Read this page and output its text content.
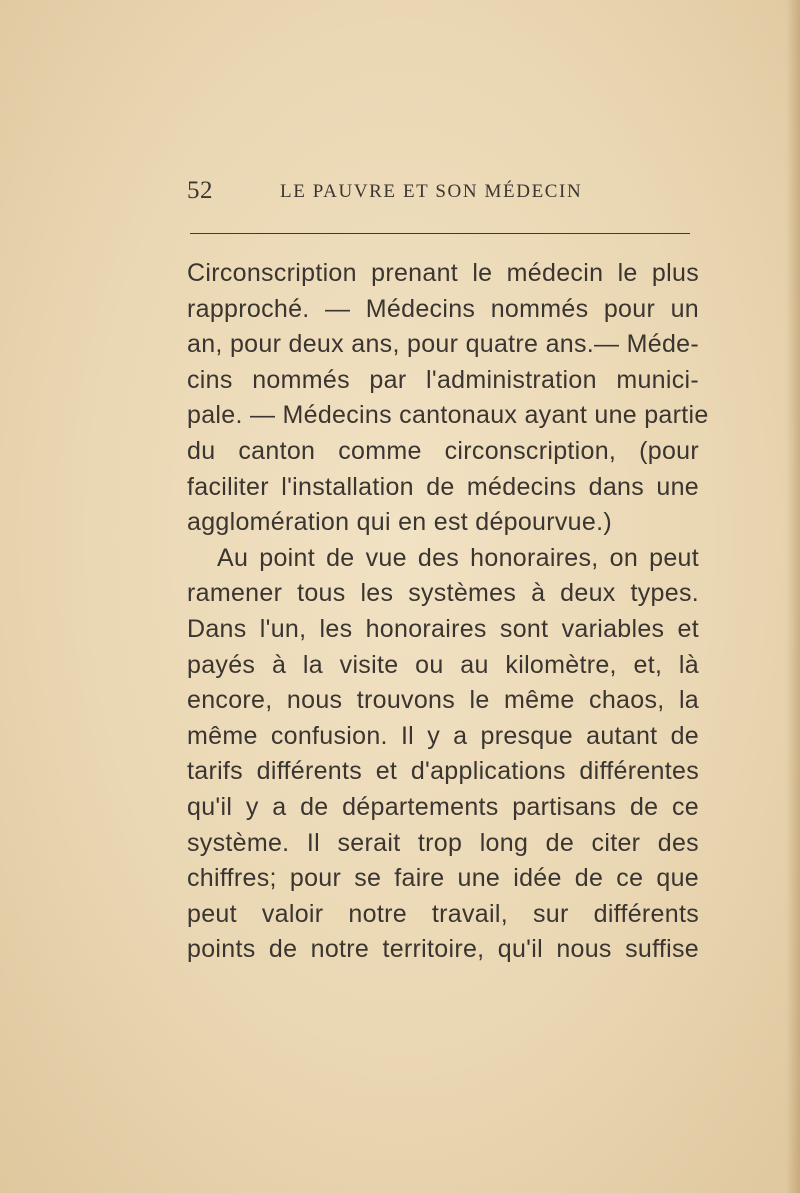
52	LE PAUVRE ET SON MÉDECIN
Circonscription prenant le médecin le plus
rapproché. — Médecins nommés pour un
an, pour deux ans, pour quatre ans.— Méde-
cins nommés par l'administration munici-
pale. — Médecins cantonaux ayant une partie
du canton comme circonscription, (pour
faciliter l'installation de médecins dans une
agglomération qui en est dépourvue.)
Au point de vue des honoraires, on peut
ramener tous les systèmes à deux types.
Dans l'un, les honoraires sont variables et
payés à la visite ou au kilomètre, et, là
encore, nous trouvons le même chaos, la
même confusion. Il y a presque autant de
tarifs différents et d'applications différentes
qu'il y a de départements partisans de ce
système. Il serait trop long de citer des
chiffres; pour se faire une idée de ce que
peut valoir notre travail, sur différents
points de notre territoire, qu'il nous suffise
